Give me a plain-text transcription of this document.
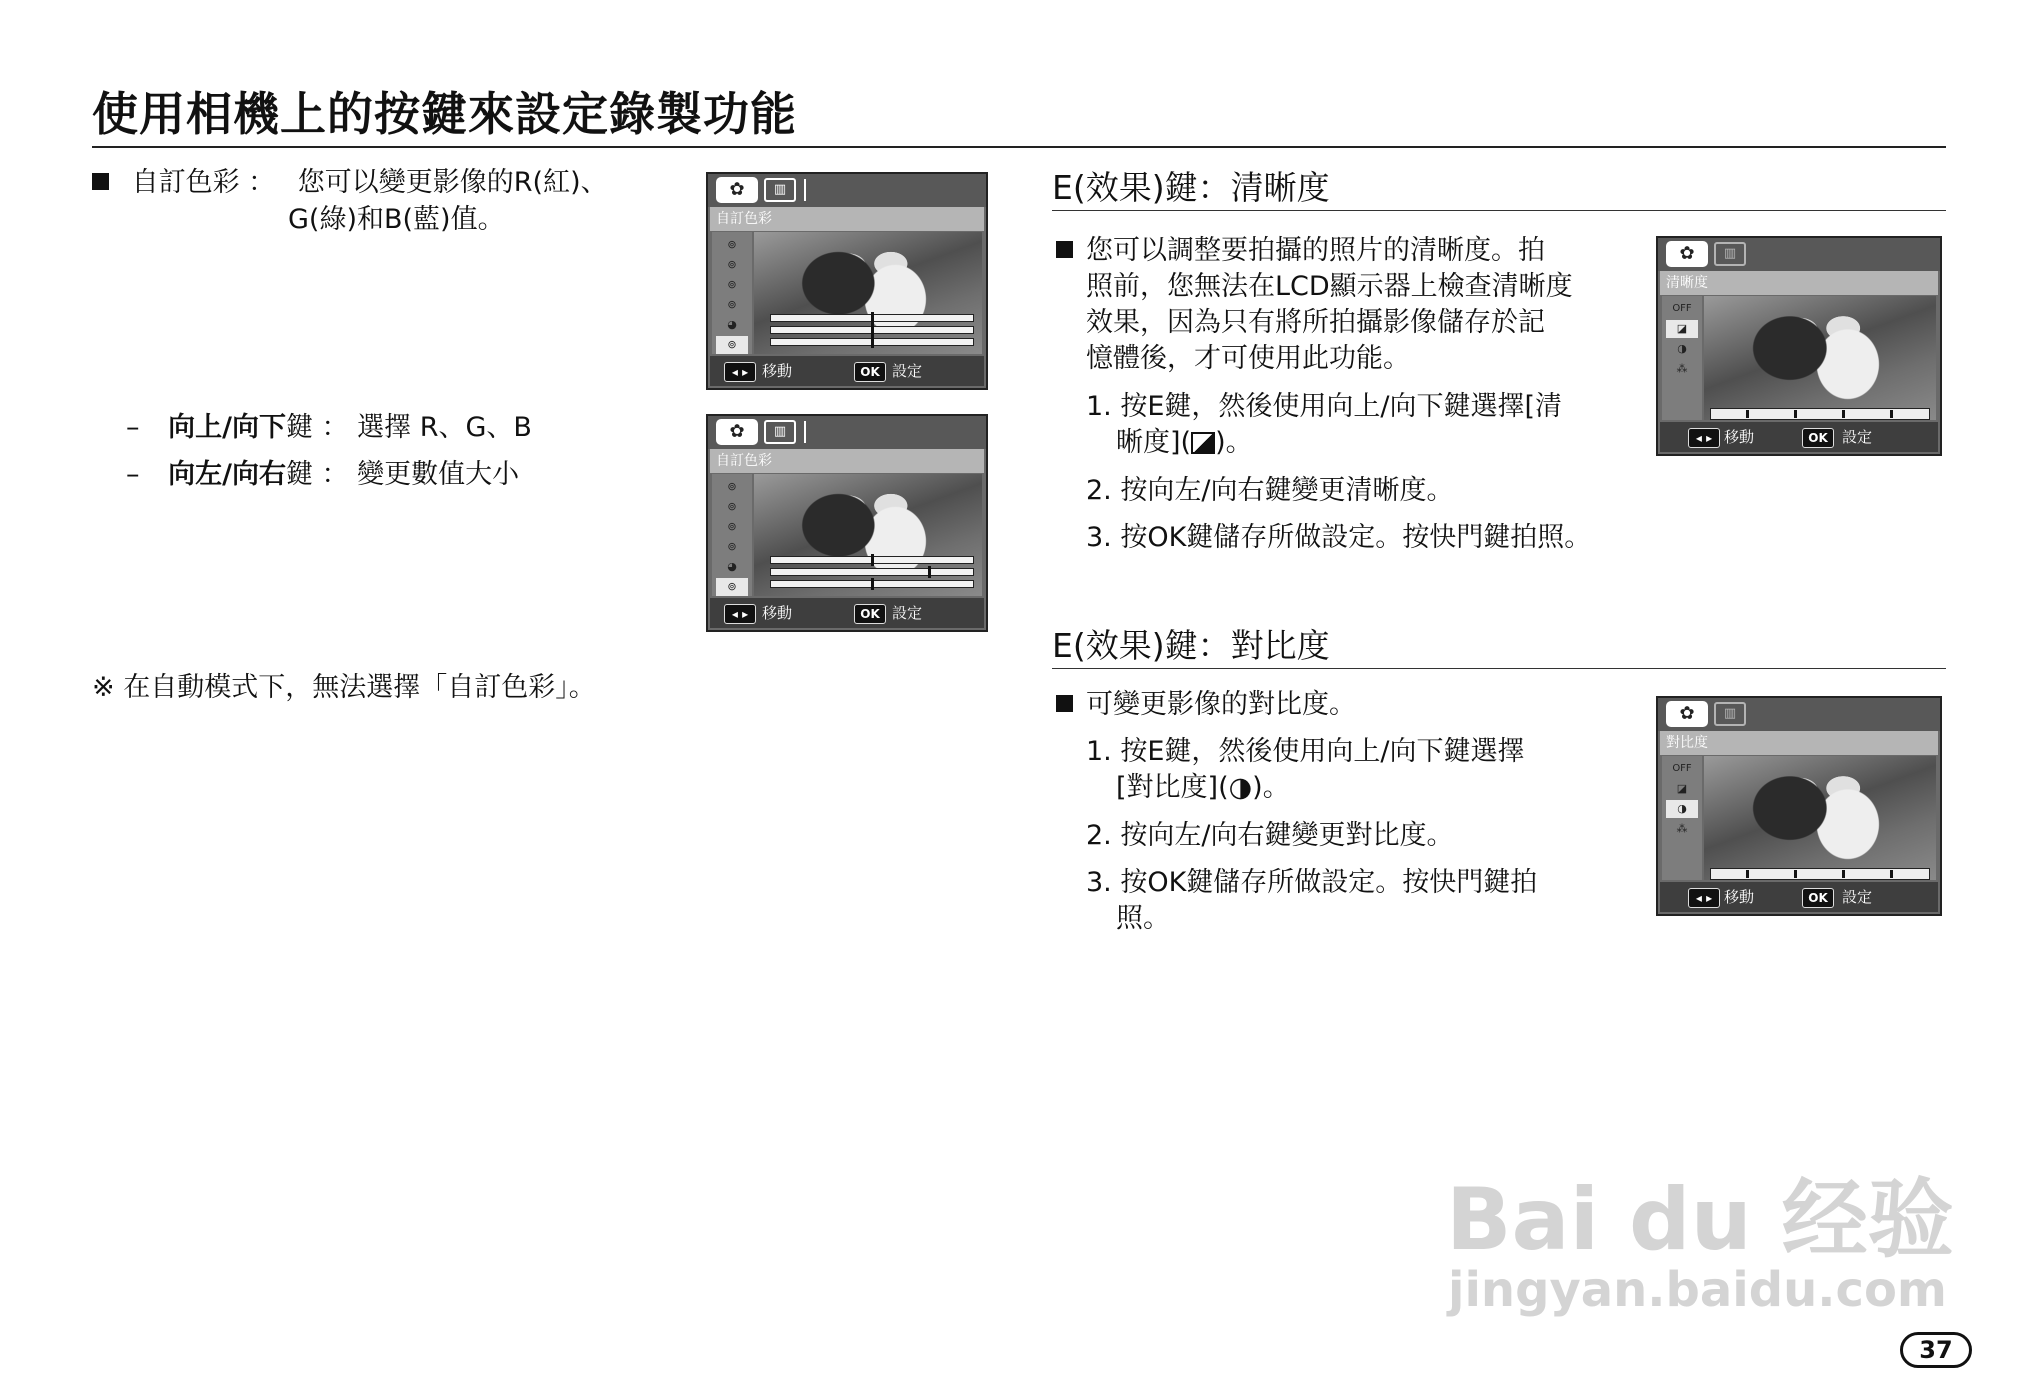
使用相機上的按鍵來設定錄製功能
自訂色彩 ： 您可以變更影像的R(紅)、
G(綠)和B(藍)值。
– 向上/向下鍵 ： 選擇 R、G、B
– 向左/向右鍵 ： 變更數值大小
※ 在自動模式下，無法選擇「自訂色彩」。
✿	▥
自訂色彩
⊚
⊚
⊚
⊚
◕
⊚
◂ ▸ 移動	OK 設定
✿	▥
自訂色彩
⊚
⊚
⊚
⊚
◕
⊚
◂ ▸ 移動	OK 設定
E(效果)鍵：清晰度
您可以調整要拍攝的照片的清晰度。拍
照前，您無法在LCD顯示器上檢查清晰度
效果，因為只有將所拍攝影像儲存於記
憶體後，才可使用此功能。
1. 按E鍵，然後使用向上/向下鍵選擇[清
晰度]( )。
2. 按向左/向右鍵變更清晰度。
3. 按OK鍵儲存所做設定。按快門鍵拍照。
✿	▥
清晰度
OFF
◪
◑
⁂
◂ ▸ 移動	OK 設定
E(效果)鍵：對比度
可變更影像的對比度。
1. 按E鍵，然後使用向上/向下鍵選擇
[對比度](◑)。
2. 按向左/向右鍵變更對比度。
3. 按OK鍵儲存所做設定。按快門鍵拍
照。
✿	▥
對比度
OFF
◪
◑
⁂
◂ ▸ 移動	OK 設定
Bai du 经验
jingyan.baidu.com
37
